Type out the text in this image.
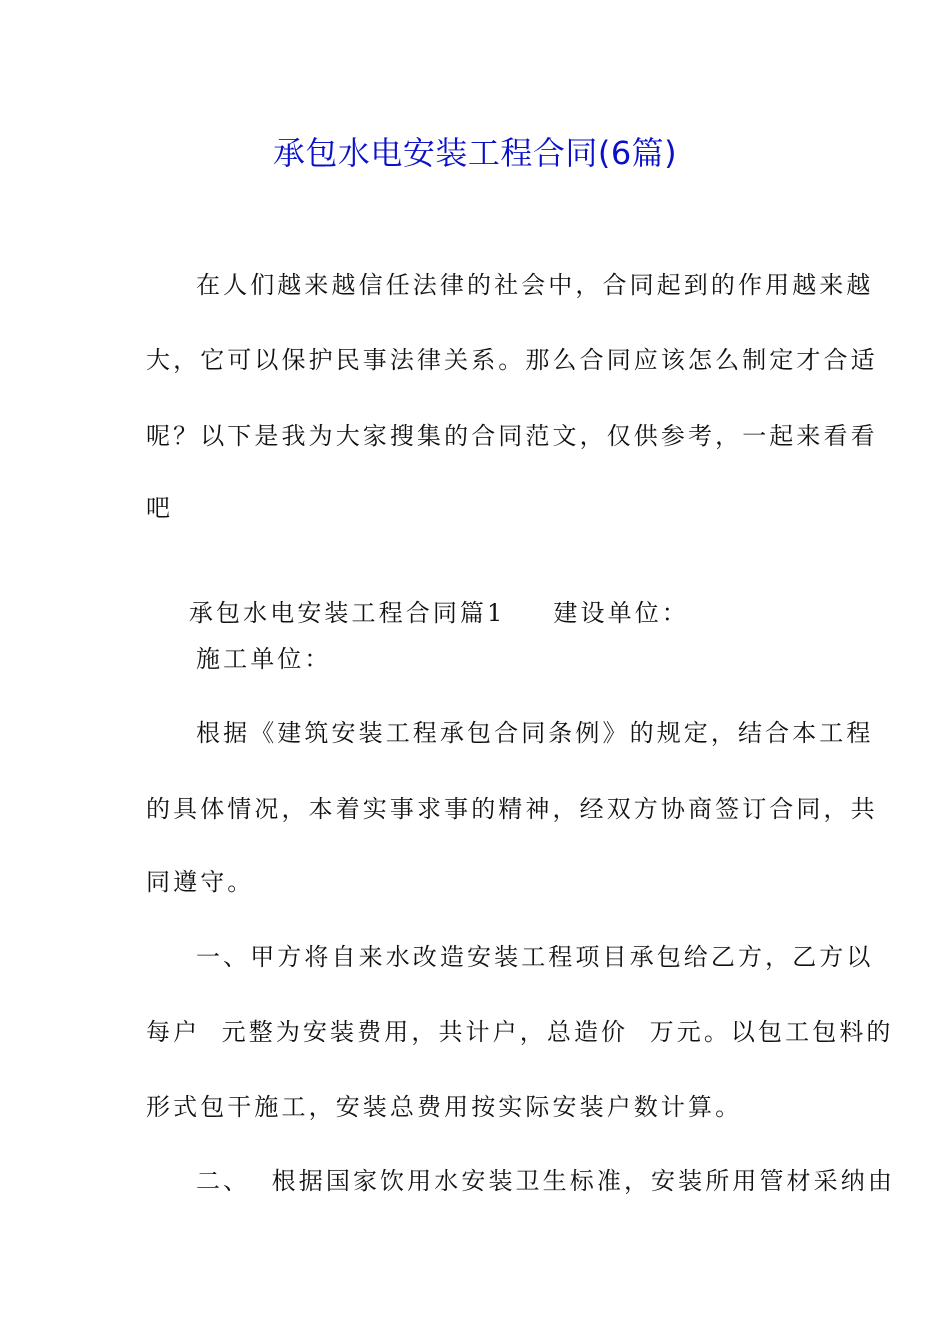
承包水电安装工程合同(6篇)
在人们越来越信任法律的社会中，合同起到的作用越来越
大，它可以保护民事法律关系。那么合同应该怎么制定才合适
呢？以下是我为大家搜集的合同范文，仅供参考，一起来看看
吧

承包水电安装工程合同篇1 建设单位：

施工单位：
根据《建筑安装工程承包合同条例》的规定，结合本工程
的具体情况，本着实事求事的精神，经双方协商签订合同，共
同遵守。
一、甲方将自来水改造安装工程项目承包给乙方，乙方以
每户  元整为安装费用，共计户，总造价  万元。以包工包料的
形式包干施工，安装总费用按实际安装户数计算。
二、  根据国家饮用水安装卫生标准，安装所用管材采纳由
